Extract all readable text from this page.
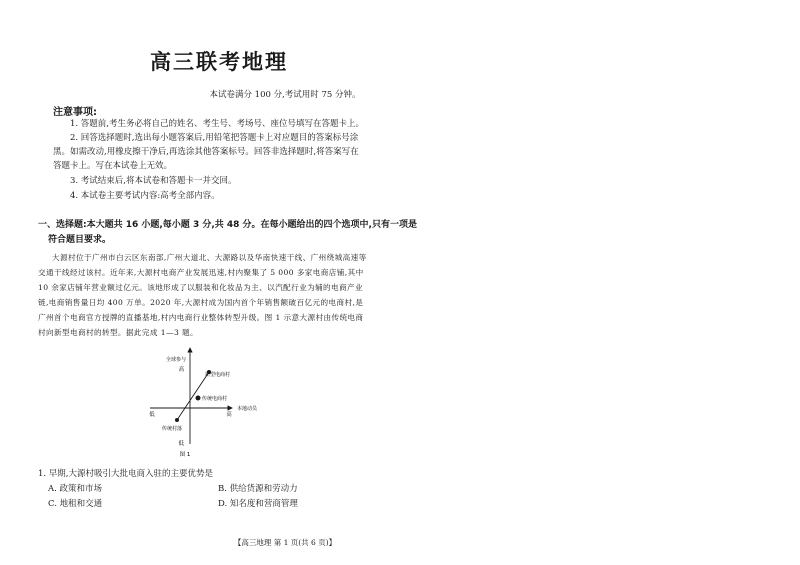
高三联考地理
本试卷满分 100 分,考试用时 75 分钟。
注意事项:
1. 答题前,考生务必将自己的姓名、考生号、考场号、座位号填写在答题卡上。
2. 回答选择题时,选出每小题答案后,用铅笔把答题卡上对应题目的答案标号涂
黑。如需改动,用橡皮擦干净后,再选涂其他答案标号。回答非选择题时,将答案写在
答题卡上。写在本试卷上无效。
3. 考试结束后,将本试卷和答题卡一并交回。
4. 本试卷主要考试内容:高考全部内容。
一、选择题:本大题共 16 小题,每小题 3 分,共 48 分。在每小题给出的四个选项中,只有一项是
符合题目要求。
大源村位于广州市白云区东南部,广州大道北、大源路以及华南快速干线、广州绕城高速等
交通干线经过该村。近年来,大源村电商产业发展迅速,村内聚集了 5 000 多家电商店铺,其中
10 余家店铺年营业额过亿元。该地形成了以服装和化妆品为主、以汽配行业为辅的电商产业
链,电商销售量日均 400 万单。2020 年,大源村成为国内首个年销售额破百亿元的电商村,是
广州首个电商官方授牌的直播基地,村内电商行业整体转型升级。图 1 示意大源村由传统电商
村向新型电商村的转型。据此完成 1—3 题。
全球参与
高
低
低	高
本地动员
新型电商村
传统电商村
传统村落
图 1
1. 早期,大源村吸引大批电商入驻的主要优势是
A. 政策和市场	B. 供给货源和劳动力
C. 地租和交通	D. 知名度和营商管理
【高三地理 第 1 页(共 6 页)】
